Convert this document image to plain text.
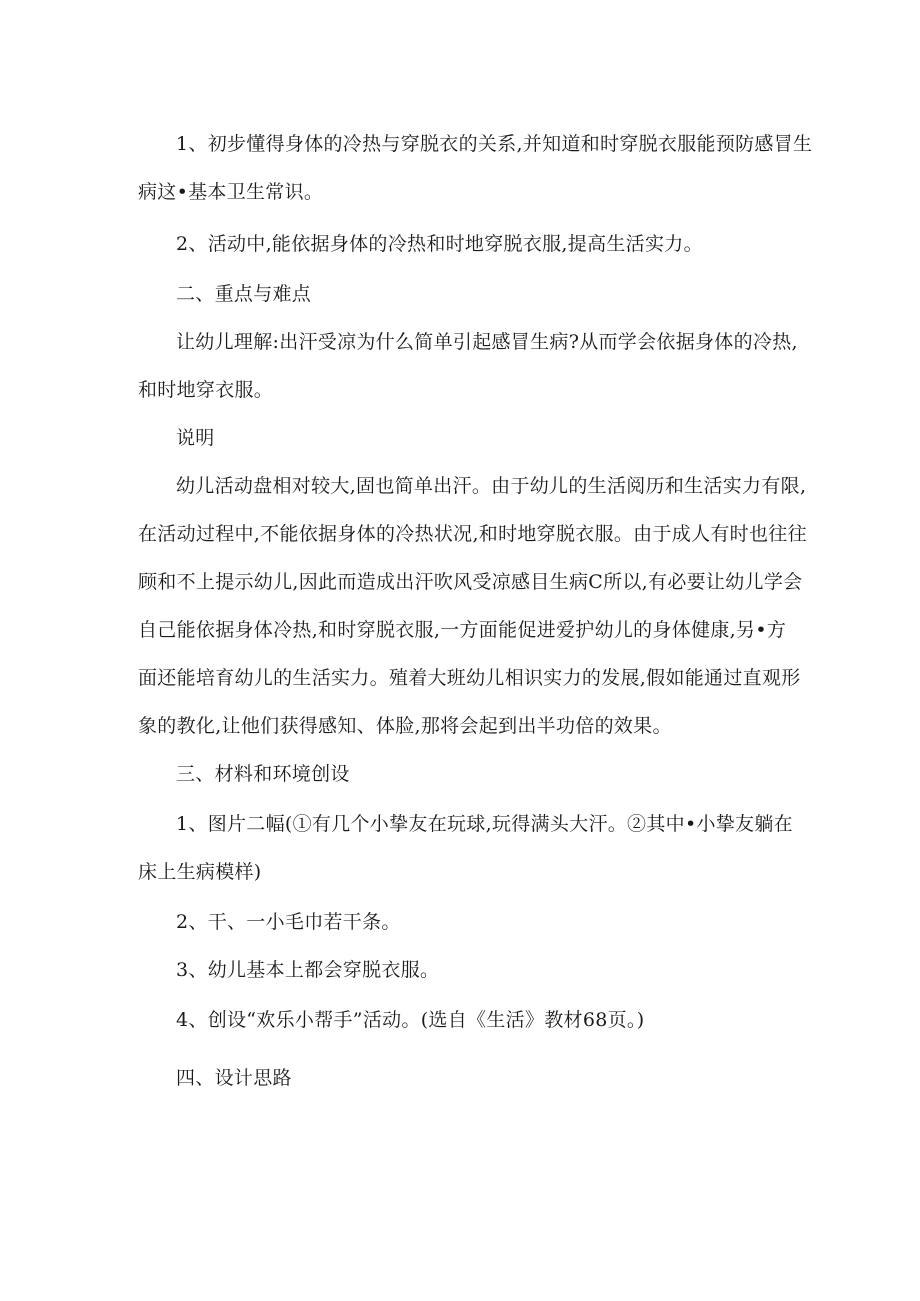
1、初步懂得身体的冷热与穿脱衣的关系,并知道和时穿脱衣服能预防感冒生
病这•基本卫生常识。
2、活动中,能依据身体的冷热和时地穿脱衣服,提高生活实力。
二、重点与难点
让幼儿理解:出汗受凉为什么简单引起感冒生病?从而学会依据身体的冷热,
和时地穿衣服。
说明
幼儿活动盘相对较大,固也简单出汗。由于幼儿的生活阅历和生活实力有限,
在活动过程中,不能依据身体的冷热状况,和时地穿脱衣服。由于成人有时也往往
顾和不上提示幼儿,因此而造成出汗吹风受凉感目生病C所以,有必要让幼儿学会
自己能依据身体冷热,和时穿脱衣服,一方面能促进爱护幼儿的身体健康,另•方
面还能培育幼儿的生活实力。殖着大班幼儿相识实力的发展,假如能通过直观形
象的教化,让他们获得感知、体脸,那将会起到出半功倍的效果。
三、材料和环境创设
1、图片二幅(①有几个小挚友在玩球,玩得满头大汗。②其中•小挚友躺在
床上生病模样)
2、干、一小毛巾若干条。
3、幼儿基本上都会穿脱衣服。
4、创设“欢乐小帮手”活动。(选自《生活》教材68页。)
四、设计思路
